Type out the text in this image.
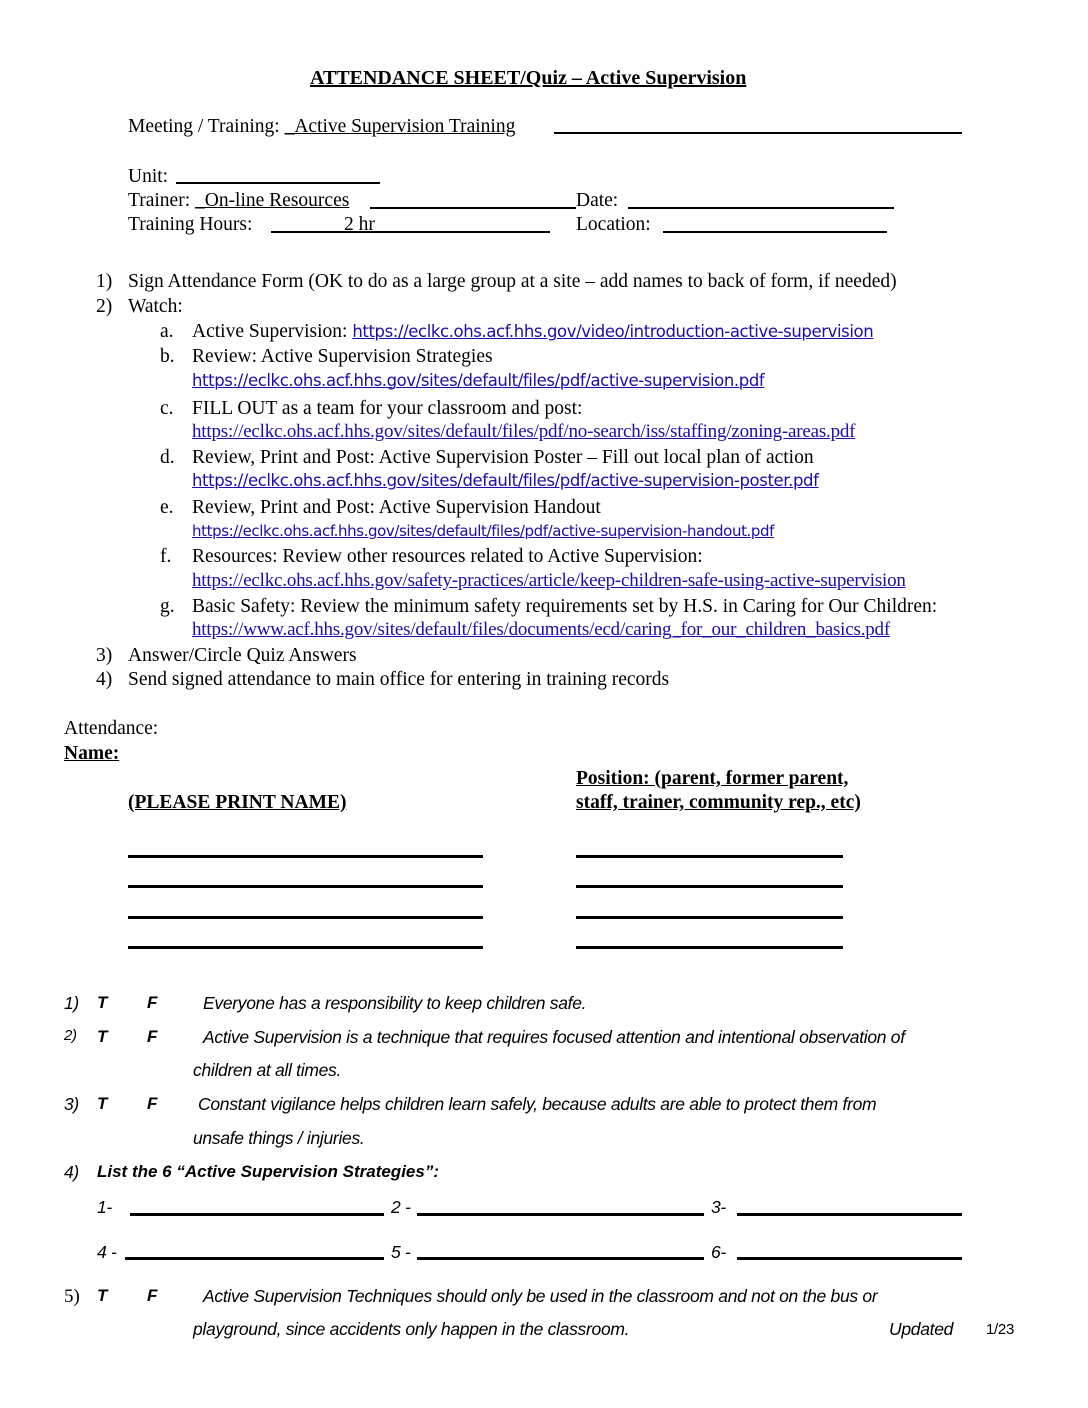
ATTENDANCE SHEET/Quiz – Active Supervision
Meeting / Training: _Active Supervision Training
Unit:
Trainer: _On-line Resources	Date:
Training Hours:	2 hr	Location:
1) Sign Attendance Form (OK to do as a large group at a site – add names to back of form, if needed)
2) Watch:
a. Active Supervision: https://eclkc.ohs.acf.hhs.gov/video/introduction-active-supervision
b. Review: Active Supervision Strategies
https://eclkc.ohs.acf.hhs.gov/sites/default/files/pdf/active-supervision.pdf
c. FILL OUT as a team for your classroom and post:
https://eclkc.ohs.acf.hhs.gov/sites/default/files/pdf/no-search/iss/staffing/zoning-areas.pdf
d. Review, Print and Post: Active Supervision Poster – Fill out local plan of action
https://eclkc.ohs.acf.hhs.gov/sites/default/files/pdf/active-supervision-poster.pdf
e. Review, Print and Post: Active Supervision Handout
https://eclkc.ohs.acf.hhs.gov/sites/default/files/pdf/active-supervision-handout.pdf
f. Resources: Review other resources related to Active Supervision:
https://eclkc.ohs.acf.hhs.gov/safety-practices/article/keep-children-safe-using-active-supervision
g. Basic Safety: Review the minimum safety requirements set by H.S. in Caring for Our Children:
https://www.acf.hhs.gov/sites/default/files/documents/ecd/caring_for_our_children_basics.pdf
3) Answer/Circle Quiz Answers
4) Send signed attendance to main office for entering in training records
Attendance:
Name:
Position: (parent, former parent,
(PLEASE PRINT NAME)	staff, trainer, community rep., etc)
1) T F	Everyone has a responsibility to keep children safe.
2) T F	Active Supervision is a technique that requires focused attention and intentional observation of
children at all times.
3) T F Constant vigilance helps children learn safely, because adults are able to protect them from
unsafe things / injuries.
4) List the 6 “Active Supervision Strategies”:
1-	2 -	3-
4 -	5 -	6-
5) T F	Active Supervision Techniques should only be used in the classroom and not on the bus or
playground, since accidents only happen in the classroom.	Updated 1/23
